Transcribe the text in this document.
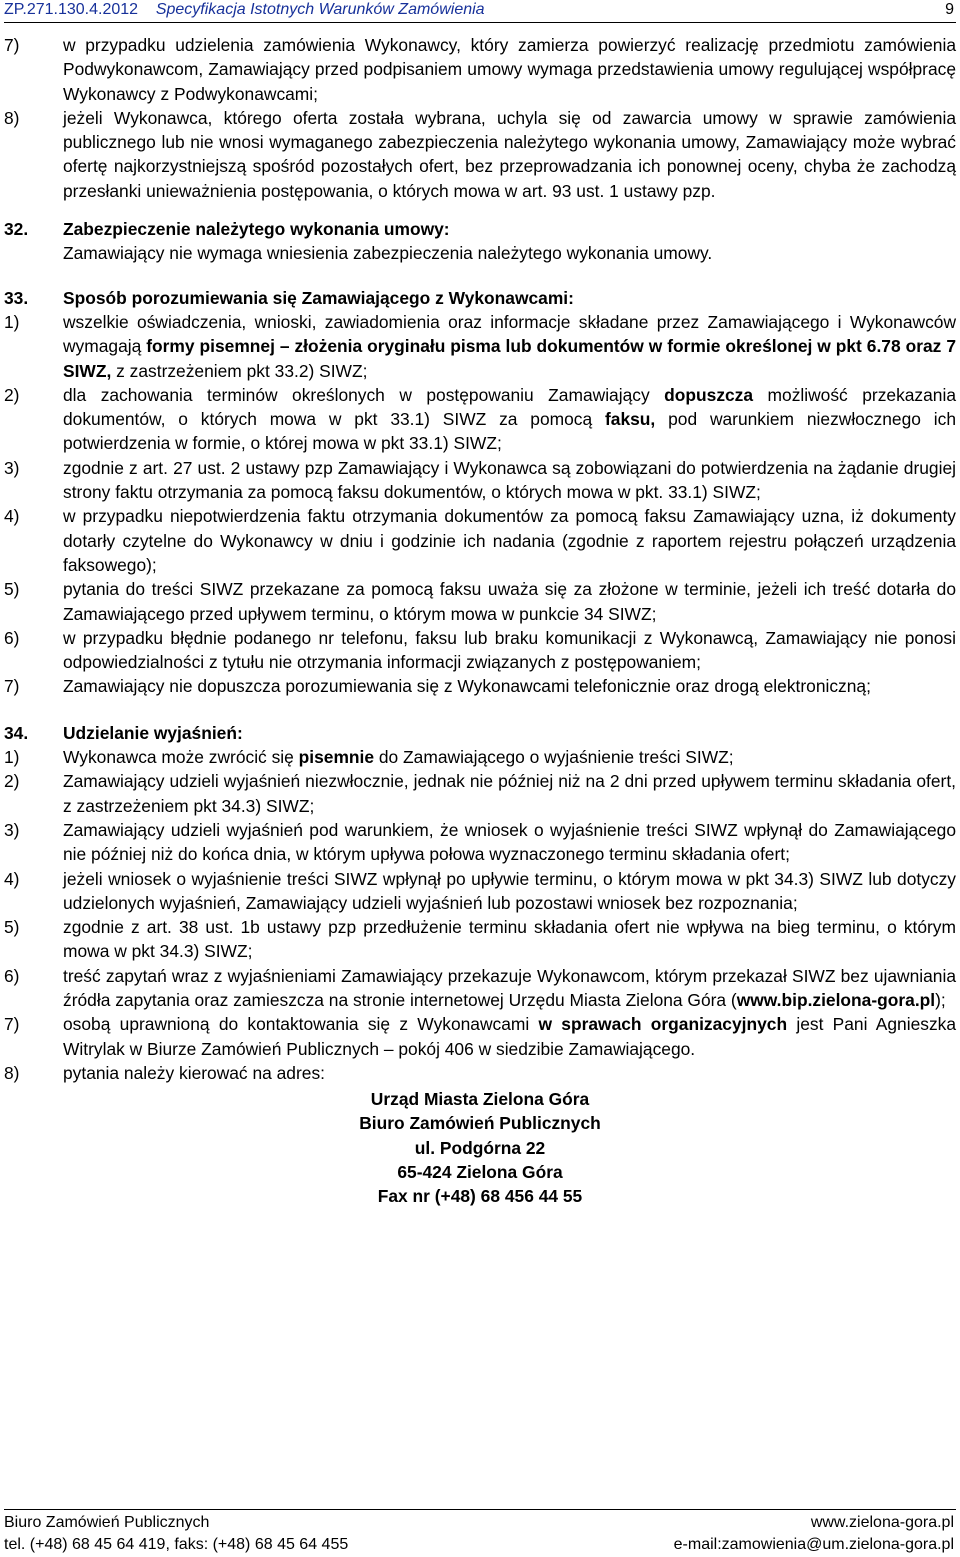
ZP.271.130.4.2012 Specyfikacja Istotnych Warunków Zamówienia	9
7)	w przypadku udzielenia zamówienia Wykonawcy, który zamierza powierzyć realizację przedmiotu zamówienia Podwykonawcom, Zamawiający przed podpisaniem umowy wymaga przedstawienia umowy regulującej współpracę Wykonawcy z Podwykonawcami;
8)	jeżeli Wykonawca, którego oferta została wybrana, uchyla się od zawarcia umowy w sprawie zamówienia publicznego lub nie wnosi wymaganego zabezpieczenia należytego wykonania umowy, Zamawiający może wybrać ofertę najkorzystniejszą spośród pozostałych ofert, bez przeprowadzania ich ponownej oceny, chyba że zachodzą przesłanki unieważnienia postępowania, o których mowa w art. 93 ust. 1 ustawy pzp.
32.	Zabezpieczenie należytego wykonania umowy:
Zamawiający nie wymaga wniesienia zabezpieczenia należytego wykonania umowy.
33.	Sposób porozumiewania się Zamawiającego z Wykonawcami:
1)	wszelkie oświadczenia, wnioski, zawiadomienia oraz informacje składane przez Zamawiającego i Wykonawców wymagają formy pisemnej – złożenia oryginału pisma lub dokumentów w formie określonej w pkt 6.78 oraz 7 SIWZ, z zastrzeżeniem pkt 33.2) SIWZ;
2)	dla zachowania terminów określonych w postępowaniu Zamawiający dopuszcza możliwość przekazania dokumentów, o których mowa w pkt 33.1) SIWZ za pomocą faksu, pod warunkiem niezwłocznego ich potwierdzenia w formie, o której mowa w pkt 33.1) SIWZ;
3)	zgodnie z art. 27 ust. 2 ustawy pzp Zamawiający i Wykonawca są zobowiązani do potwierdzenia na żądanie drugiej strony faktu otrzymania za pomocą faksu dokumentów, o których mowa w pkt. 33.1) SIWZ;
4)	w przypadku niepotwierdzenia faktu otrzymania dokumentów za pomocą faksu Zamawiający uzna, iż dokumenty dotarły czytelne do Wykonawcy w dniu i godzinie ich nadania (zgodnie z raportem rejestru połączeń urządzenia faksowego);
5)	pytania do treści SIWZ przekazane za pomocą faksu uważa się za złożone w terminie, jeżeli ich treść dotarła do Zamawiającego przed upływem terminu, o którym mowa w punkcie 34 SIWZ;
6)	w przypadku błędnie podanego nr telefonu, faksu lub braku komunikacji z Wykonawcą, Zamawiający nie ponosi odpowiedzialności z tytułu nie otrzymania informacji związanych z postępowaniem;
7)	Zamawiający nie dopuszcza porozumiewania się z Wykonawcami telefonicznie oraz drogą elektroniczną;
34.	Udzielanie wyjaśnień:
1)	Wykonawca może zwrócić się pisemnie do Zamawiającego o wyjaśnienie treści SIWZ;
2)	Zamawiający udzieli wyjaśnień niezwłocznie, jednak nie później niż na 2 dni przed upływem terminu składania ofert, z zastrzeżeniem pkt 34.3) SIWZ;
3)	Zamawiający udzieli wyjaśnień pod warunkiem, że wniosek o wyjaśnienie treści SIWZ wpłynął do Zamawiającego nie później niż do końca dnia, w którym upływa połowa wyznaczonego terminu składania ofert;
4)	jeżeli wniosek o wyjaśnienie treści SIWZ wpłynął po upływie terminu, o którym mowa w pkt 34.3) SIWZ lub dotyczy udzielonych wyjaśnień, Zamawiający udzieli wyjaśnień lub pozostawi wniosek bez rozpoznania;
5)	zgodnie z art. 38 ust. 1b ustawy pzp przedłużenie terminu składania ofert nie wpływa na bieg terminu, o którym mowa w pkt 34.3) SIWZ;
6)	treść zapytań wraz z wyjaśnieniami Zamawiający przekazuje Wykonawcom, którym przekazał SIWZ bez ujawniania źródła zapytania oraz zamieszcza na stronie internetowej Urzędu Miasta Zielona Góra (www.bip.zielona-gora.pl);
7)	osobą uprawnioną do kontaktowania się z Wykonawcami w sprawach organizacyjnych jest Pani Agnieszka Witrylak w Biurze Zamówień Publicznych – pokój 406 w siedzibie Zamawiającego.
8)	pytania należy kierować na adres:
Urząd Miasta Zielona Góra
Biuro Zamówień Publicznych
ul. Podgórna 22
65-424 Zielona Góra
Fax nr (+48) 68 456 44 55
Biuro Zamówień Publicznych
tel. (+48) 68 45 64 419, faks: (+48) 68 45 64 455
www.zielona-gora.pl
e-mail:zamowienia@um.zielona-gora.pl
